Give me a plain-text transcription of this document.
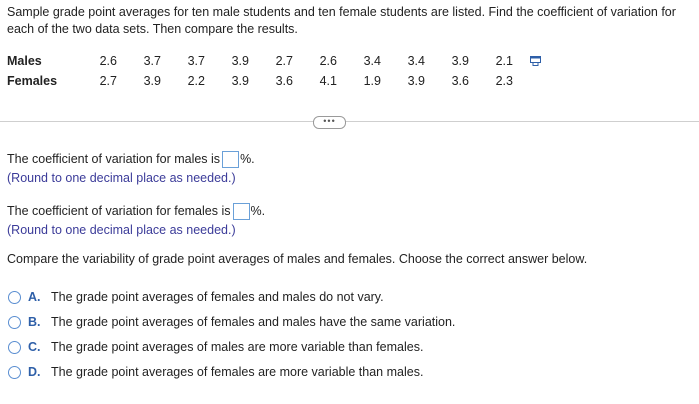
Sample grade point averages for ten male students and ten female students are listed. Find the coefficient of variation for each of the two data sets. Then compare the results.
Males	2.6	3.7	3.7	3.9	2.7	2.6	3.4	3.4	3.9	2.1
Females	2.7	3.9	2.2	3.9	3.6	4.1	1.9	3.9	3.6	2.3
•••
The coefficient of variation for males is %.
(Round to one decimal place as needed.)
The coefficient of variation for females is %.
(Round to one decimal place as needed.)
Compare the variability of grade point averages of males and females. Choose the correct answer below.
A. The grade point averages of females and males do not vary.
B. The grade point averages of females and males have the same variation.
C. The grade point averages of males are more variable than females.
D. The grade point averages of females are more variable than males.
